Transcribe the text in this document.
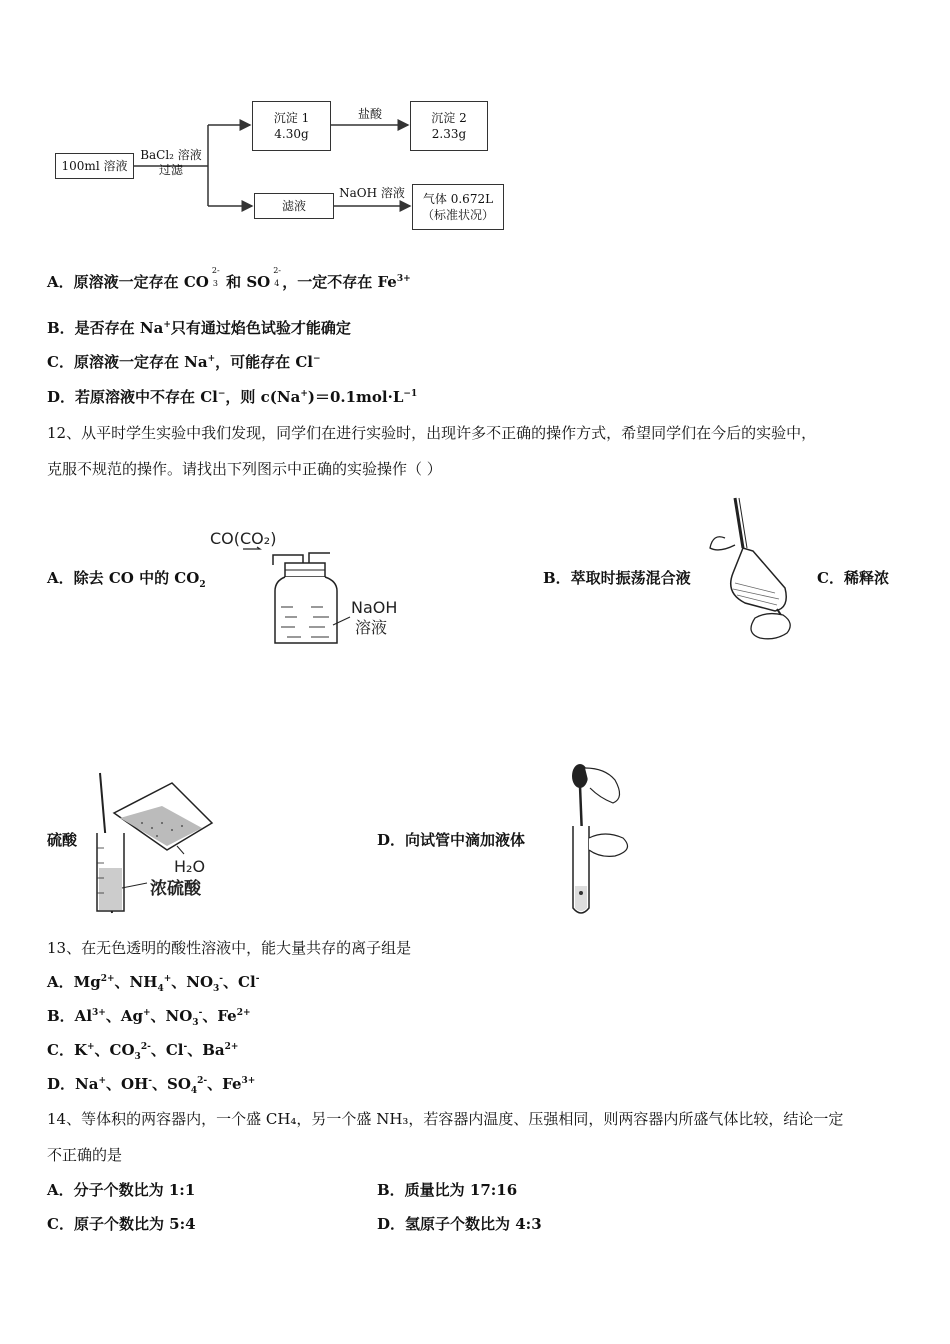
100ml 溶液
BaCl₂ 溶液
过滤
沉淀 1
4.30g
盐酸	沉淀 2
2.33g
滤液
NaOH 溶液	气体 0.672L
（标准状况）
A．原溶液一定存在 CO
2-
3 和 SO
2-
4 ，一定不存在 $Fe^{3+}$
B．是否存在 Na+只有通过焰色试验才能确定
C．原溶液一定存在 Na+，可能存在 Cl−
D．若原溶液中不存在 Cl−，则 $c(Na^+)=0.1mol\cdot L^{-1}$
12、从平时学生实验中我们发现，同学们在进行实验时，出现许多不正确的操作方式，希望同学们在今后的实验中，
克服不规范的操作。请找出下列图示中正确的实验操作（ ）
A．除去 CO 中的 $CO_2$
CO(CO₂)
NaOH
溶液
B．萃取时振荡混合液	C．稀释浓
硫酸
H₂O
浓硫酸
D．向试管中滴加液体
13、在无色透明的酸性溶液中，能大量共存的离子组是
A．$Mg^{2+}$、$NH_4^+$、$NO_3^-$、Cl-
B．$Al^{3+}$、Ag+、$NO_3^-$、$Fe^{2+}$
C．K+、$CO_3^{2-}$、Cl-、$Ba^{2+}$
D．Na+、OH-、$SO_4^{2-}$、$Fe^{3+}$
14、等体积的两容器内，一个盛 CH₄，另一个盛 NH₃，若容器内温度、压强相同，则两容器内所盛气体比较，结论一定
不正确的是
A．分子个数比为 1:1	B．质量比为 17:16
C．原子个数比为 5:4	D．氢原子个数比为 4:3
